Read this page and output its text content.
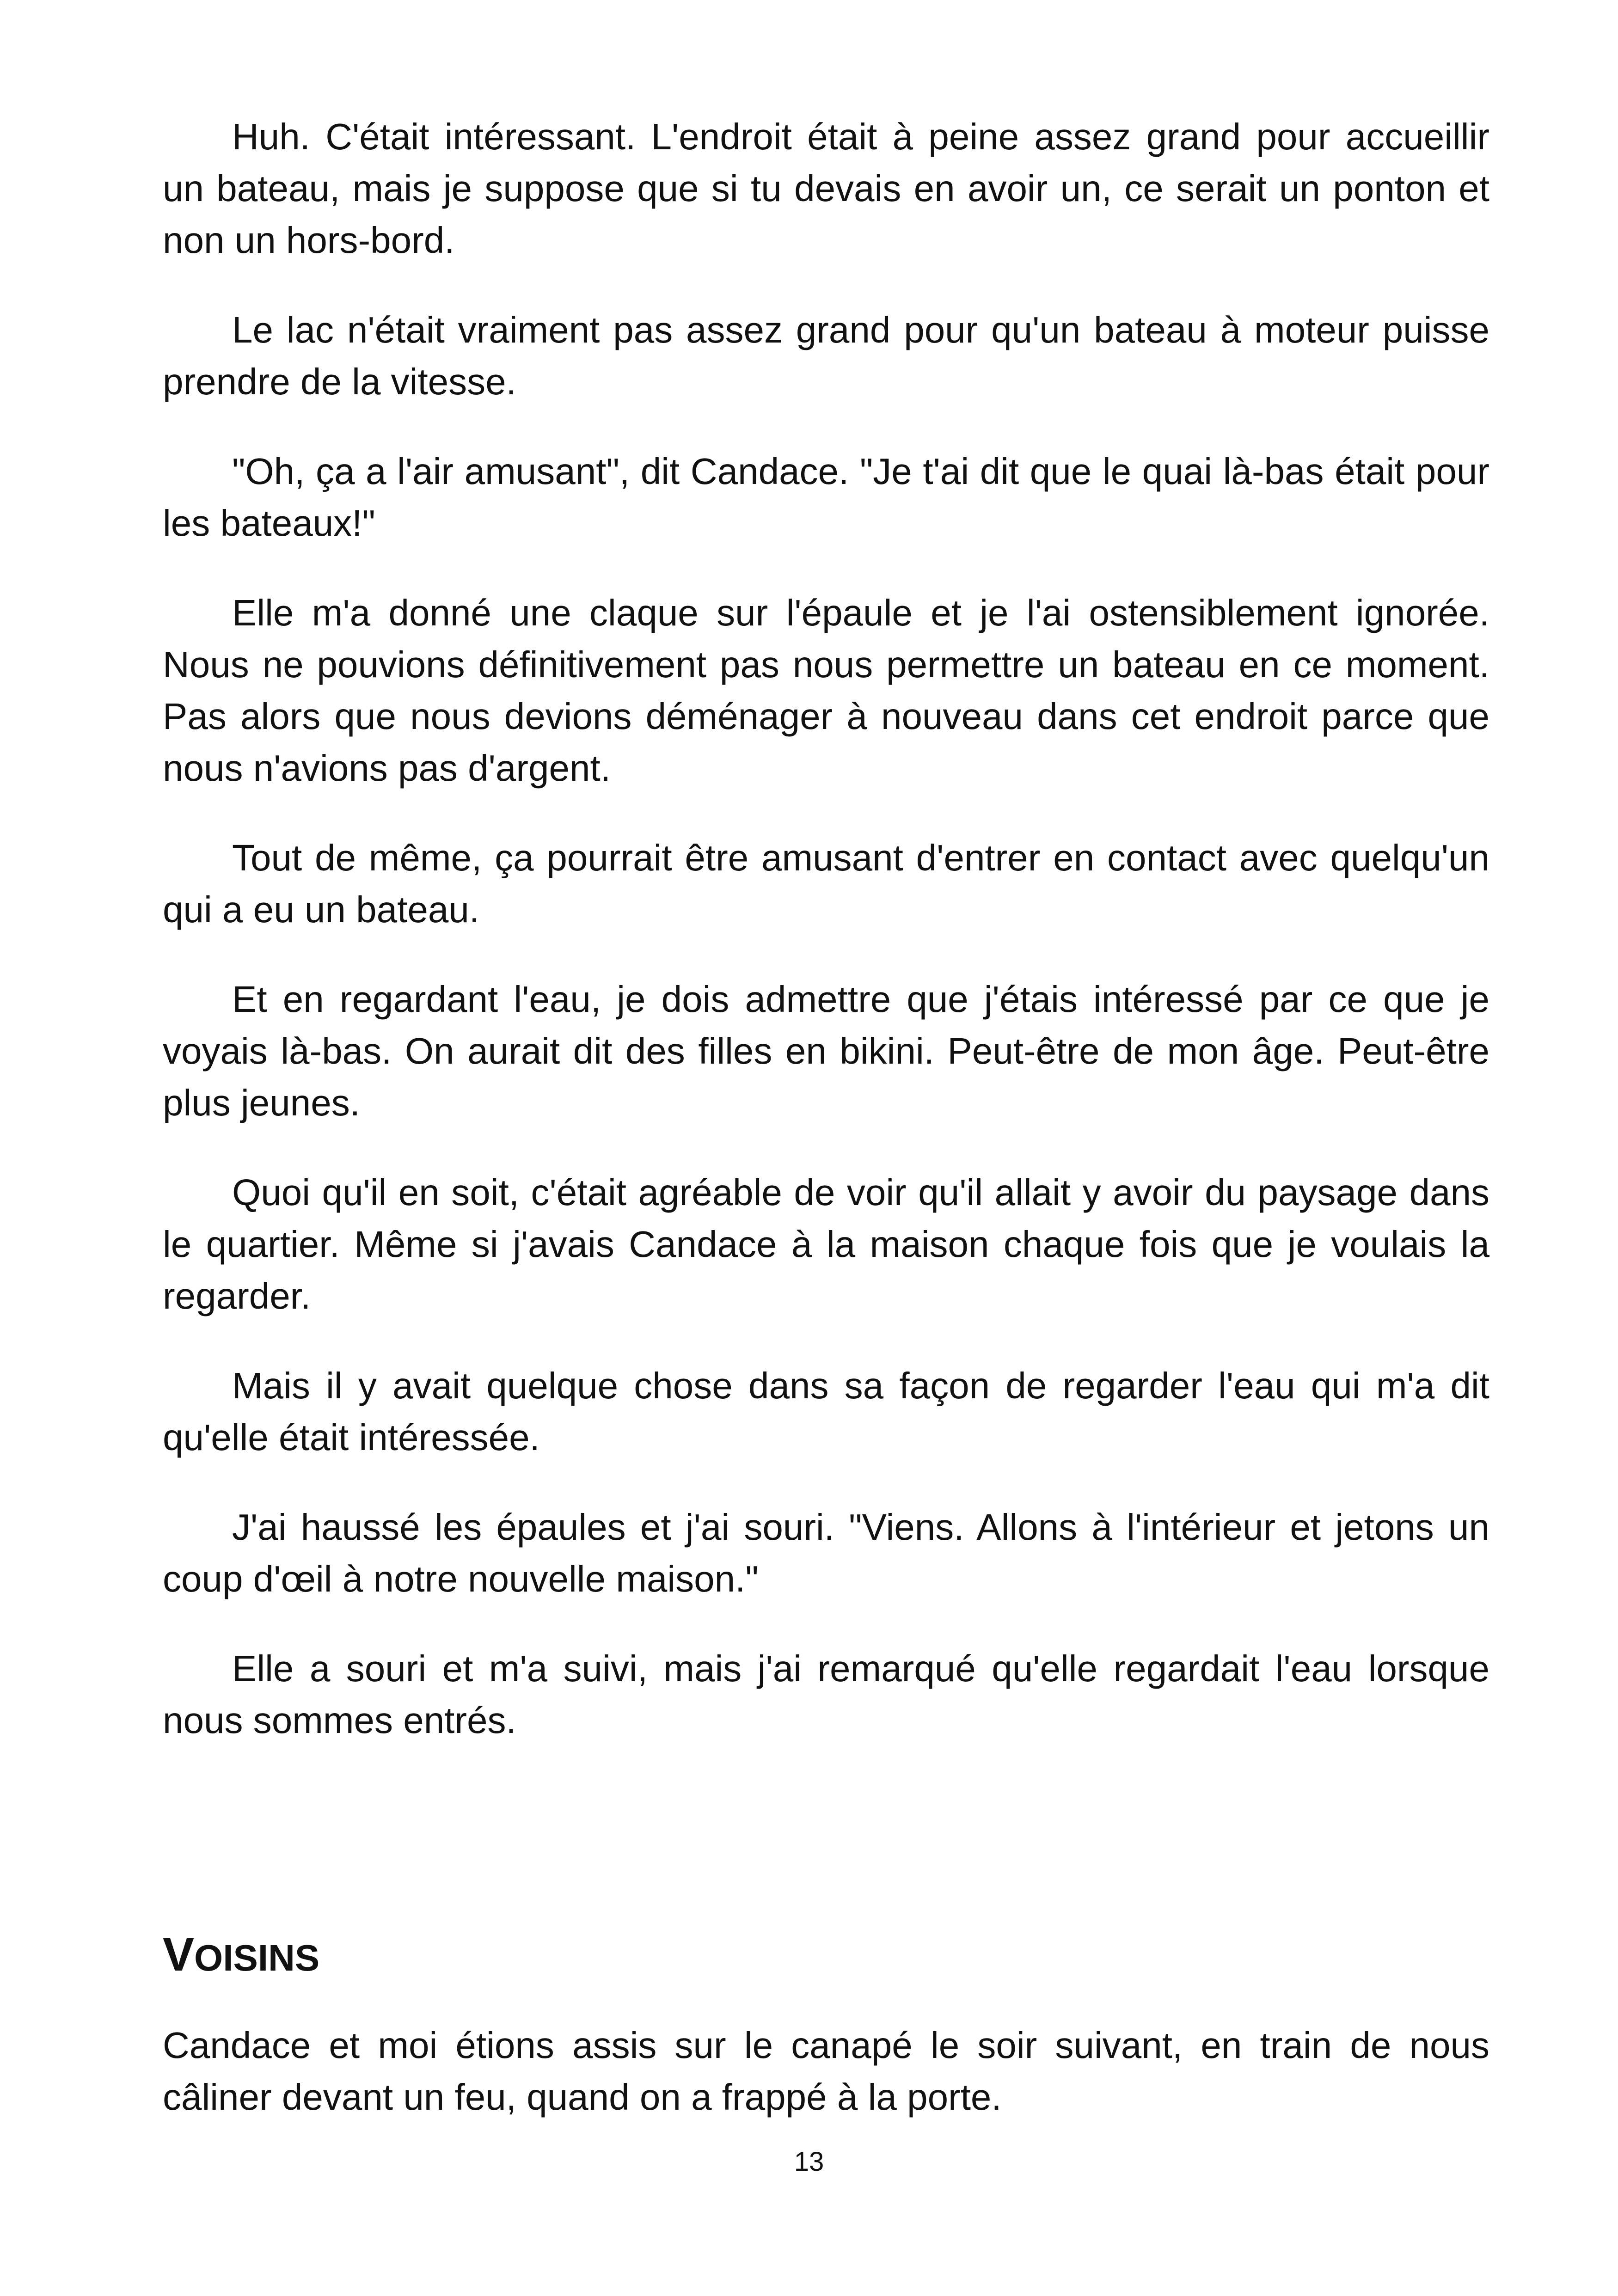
Huh. C'était intéressant. L'endroit était à peine assez grand pour accueillir un bateau, mais je suppose que si tu devais en avoir un, ce serait un ponton et non un hors-bord.

Le lac n'était vraiment pas assez grand pour qu'un bateau à moteur puisse prendre de la vitesse.

"Oh, ça a l'air amusant", dit Candace. "Je t'ai dit que le quai là-bas était pour les bateaux!"

Elle m'a donné une claque sur l'épaule et je l'ai ostensiblement ignorée. Nous ne pouvions définitivement pas nous permettre un bateau en ce moment. Pas alors que nous devions déménager à nouveau dans cet endroit parce que nous n'avions pas d'argent.

Tout de même, ça pourrait être amusant d'entrer en contact avec quelqu'un qui a eu un bateau.

Et en regardant l'eau, je dois admettre que j'étais intéressé par ce que je voyais là-bas. On aurait dit des filles en bikini. Peut-être de mon âge. Peut-être plus jeunes.

Quoi qu'il en soit, c'était agréable de voir qu'il allait y avoir du paysage dans le quartier. Même si j'avais Candace à la maison chaque fois que je voulais la regarder.

Mais il y avait quelque chose dans sa façon de regarder l'eau qui m'a dit qu'elle était intéressée.

J'ai haussé les épaules et j'ai souri. "Viens. Allons à l'intérieur et jetons un coup d'œil à notre nouvelle maison."

Elle a souri et m'a suivi, mais j'ai remarqué qu'elle regardait l'eau lorsque nous sommes entrés.

VOISINS

Candace et moi étions assis sur le canapé le soir suivant, en train de nous câliner devant un feu, quand on a frappé à la porte.

13
